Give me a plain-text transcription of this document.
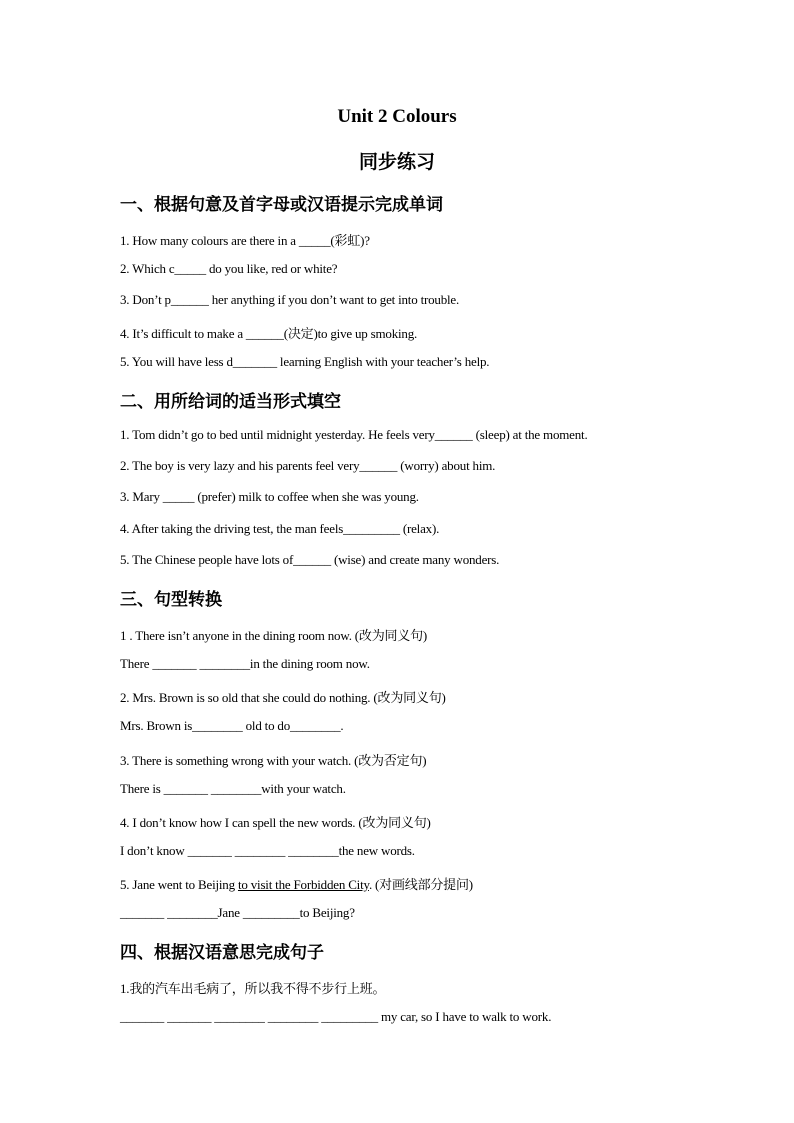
Unit 2 Colours
同步练习
一、根据句意及首字母或汉语提示完成单词
1. How many colours are there in a _____(彩虹)?
2. Which c_____ do you like, red or white?
3. Don’t p______ her anything if you don’t want to get into trouble.
4. It’s difficult to make a ______(决定)to give up smoking.
5. You will have less d_______ learning English with your teacher’s help.
二、用所给词的适当形式填空
1. Tom didn’t go to bed until midnight yesterday. He feels very______ (sleep) at the moment.
2. The boy is very lazy and his parents feel very______ (worry) about him.
3. Mary _____ (prefer) milk to coffee when she was young.
4. After taking the driving test, the man feels_________ (relax).
5. The Chinese people have lots of______ (wise) and create many wonders.
三、句型转换
1 . There isn’t anyone in the dining room now. (改为同义句)
There _______ ________in the dining room now.
2. Mrs. Brown is so old that she could do nothing. (改为同义句)
Mrs. Brown is________ old to do________.
3. There is something wrong with your watch. (改为否定句)
There is _______ ________with your watch.
4. I don’t know how I can spell the new words. (改为同义句)
I don’t know _______ ________ ________the new words.
5. Jane went to Beijing to visit the Forbidden City. (对画线部分提问)
_______ ________Jane _________to Beijing?
四、根据汉语意思完成句子
1.我的汽车出毛病了，所以我不得不步行上班。
_______ _______ ________ ________ _________ my car, so I have to walk to work.
